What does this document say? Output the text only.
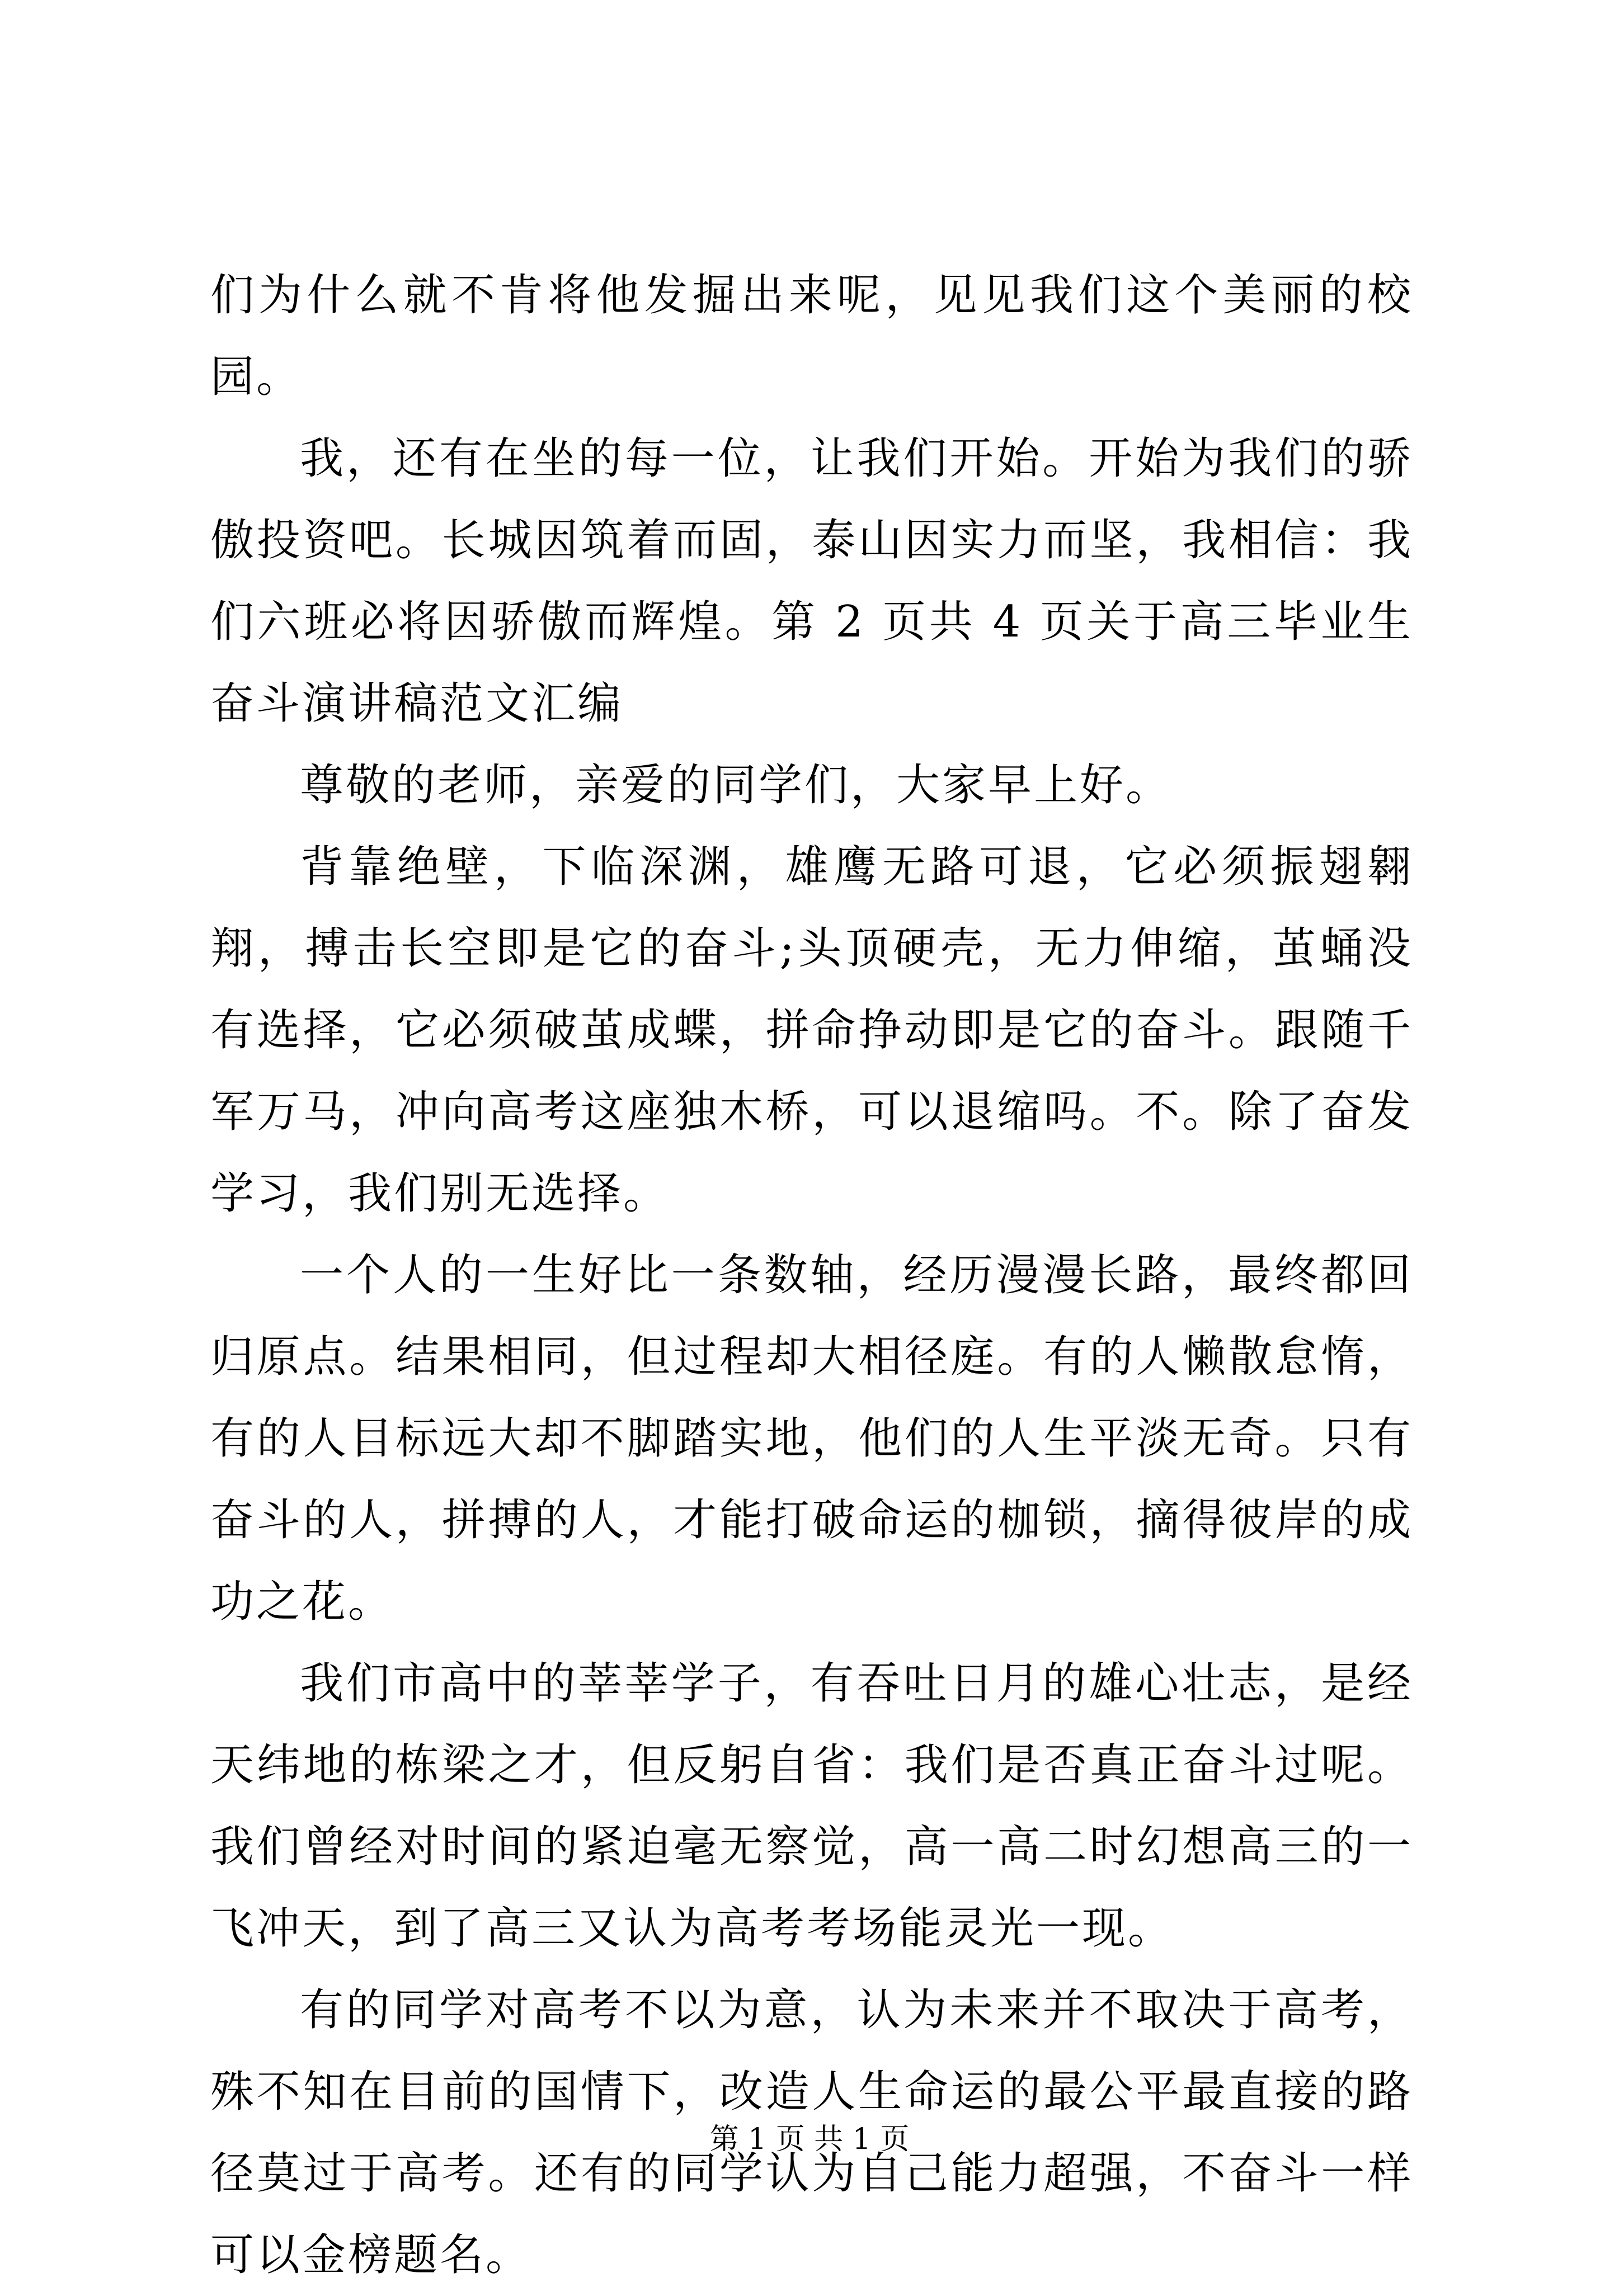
们为什么就不肯将他发掘出来呢，见见我们这个美丽的校园。

我，还有在坐的每一位，让我们开始。开始为我们的骄傲投资吧。长城因筑着而固，泰山因实力而坚，我相信：我们六班必将因骄傲而辉煌。第 2 页共 4 页关于高三毕业生奋斗演讲稿范文汇编

尊敬的老师，亲爱的同学们，大家早上好。

背靠绝壁，下临深渊，雄鹰无路可退，它必须振翅翱翔，搏击长空即是它的奋斗;头顶硬壳，无力伸缩，茧蛹没有选择，它必须破茧成蝶，拼命挣动即是它的奋斗。跟随千军万马，冲向高考这座独木桥，可以退缩吗。不。除了奋发学习，我们别无选择。

一个人的一生好比一条数轴，经历漫漫长路，最终都回归原点。结果相同，但过程却大相径庭。有的人懒散怠惰，有的人目标远大却不脚踏实地，他们的人生平淡无奇。只有奋斗的人，拼搏的人，才能打破命运的枷锁，摘得彼岸的成功之花。

我们市高中的莘莘学子，有吞吐日月的雄心壮志，是经天纬地的栋梁之才，但反躬自省：我们是否真正奋斗过呢。我们曾经对时间的紧迫毫无察觉，高一高二时幻想高三的一飞冲天，到了高三又认为高考考场能灵光一现。

有的同学对高考不以为意，认为未来并不取决于高考，殊不知在目前的国情下，改造人生命运的最公平最直接的路径莫过于高考。还有的同学认为自己能力超强，不奋斗一样可以金榜题名。

第 1 页 共 1 页
